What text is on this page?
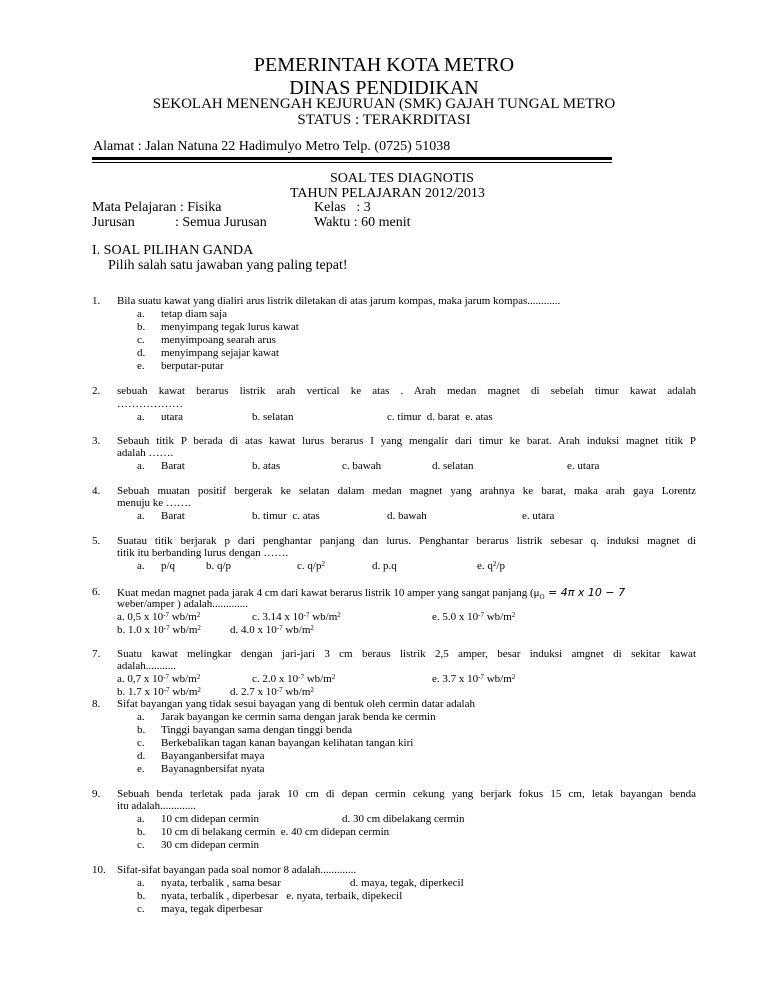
PEMERINTAH KOTA METRO
DINAS PENDIDIKAN
SEKOLAH MENENGAH KEJURUAN (SMK) GAJAH TUNGAL METRO
STATUS : TERAKRDITASI
Alamat : Jalan Natuna 22 Hadimulyo Metro Telp. (0725) 51038
SOAL TES DIAGNOTIS
TAHUN PELAJARAN 2012/2013
Mata Pelajaran : Fisika	Kelas   : 3
Jurusan	: Semua Jurusan	Waktu : 60 menit
I. SOAL PILIHAN GANDA
Pilih salah satu jawaban yang paling tepat!
1. Bila suatu kawat yang dialiri arus listrik diletakan di atas jarum kompas, maka jarum kompas............
a. tetap diam saja
b. menyimpang tegak lurus kawat
c. menyimpoang searah arus
d. menyimpang sejajar kawat
e. berputar-putar
2. sebuah kawat berarus listrik arah vertical ke atas . Arah medan magnet di sebelah timur kawat adalah
………………
a. utara	b. selatan	c. timur  d. barat  e. atas
3. Sebauh titik P berada di atas kawat lurus berarus I yang mengalir dari timur ke barat. Arah induksi magnet titik P
adalah …….
a. Barat	b. atas	c. bawah	d. selatan	e. utara
4. Sebuah muatan positif bergerak ke selatan dalam medan magnet yang arahnya ke barat, maka arah gaya Lorentz
menuju ke …….
a. Barat	b. timur  c. atas	d. bawah	e. utara
5. Suatau titik berjarak p dari penghantar panjang dan lurus. Penghantar berarus listrik sebesar q. induksi magnet di
titik itu berbanding lurus dengan …….
a. p/q	b. q/p	c. $q/p^2$	d. p.q	e. $q^2/p$
6. Kuat medan magnet pada jarak 4 cm dari kawat berarus listrik 10 amper yang sangat panjang ($\mu_O = 4\pi$ x 10 − 7
weber/amper ) adalah.............
a. 0,5 x $10^{-7}$ $wb/m^2$	c. 3.14 x $10^{-7}$ $wb/m^2$	e. 5.0 x $10^{-7}$ $wb/m^2$
b. 1.0 x $10^{-7}$ $wb/m^2$	d. 4.0 x $10^{-7}$ $wb/m^2$
7. Suatu kawat melingkar dengan jari-jari 3 cm beraus listrik 2,5 amper, besar induksi amgnet di sekitar kawat
adalah...........
a. 0,7 x $10^{-7}$ $wb/m^2$	c. 2.0 x $10^{-7}$ $wb/m^2$	e. 3.7 x $10^{-7}$ $wb/m^2$
b. 1.7 x $10^{-7}$ $wb/m^2$	d. 2.7 x $10^{-7}$ $wb/m^2$
8. Sifat bayangan yang tidak sesui bayagan yang di bentuk oleh cermin datar adalah
a. Jarak bayangan ke cermin sama dengan jarak benda ke cermin
b. Tinggi bayangan sama dengan tinggi benda
c. Berkebalikan tagan kanan bayangan kelihatan tangan kiri
d. Bayanganbersifat maya
e. Bayanagnbersifat nyata
9. Sebuah benda terletak pada jarak 10 cm di depan cermin cekung yang berjark fokus 15 cm, letak bayangan benda
itu adalah.............
a. 10 cm didepan cermin	d. 30 cm dibelakang cermin
b. 10 cm di belakang cermin  e. 40 cm didepan cermin
c. 30 cm didepan cermin
10. Sifat-sifat bayangan pada soal nomor 8 adalah.............
a. nyata, terbalik , sama besar	d. maya, tegak, diperkecil
b. nyata, terbalik , diperbesar   e. nyata, terbaik, dipekecil
c. maya, tegak diperbesar
